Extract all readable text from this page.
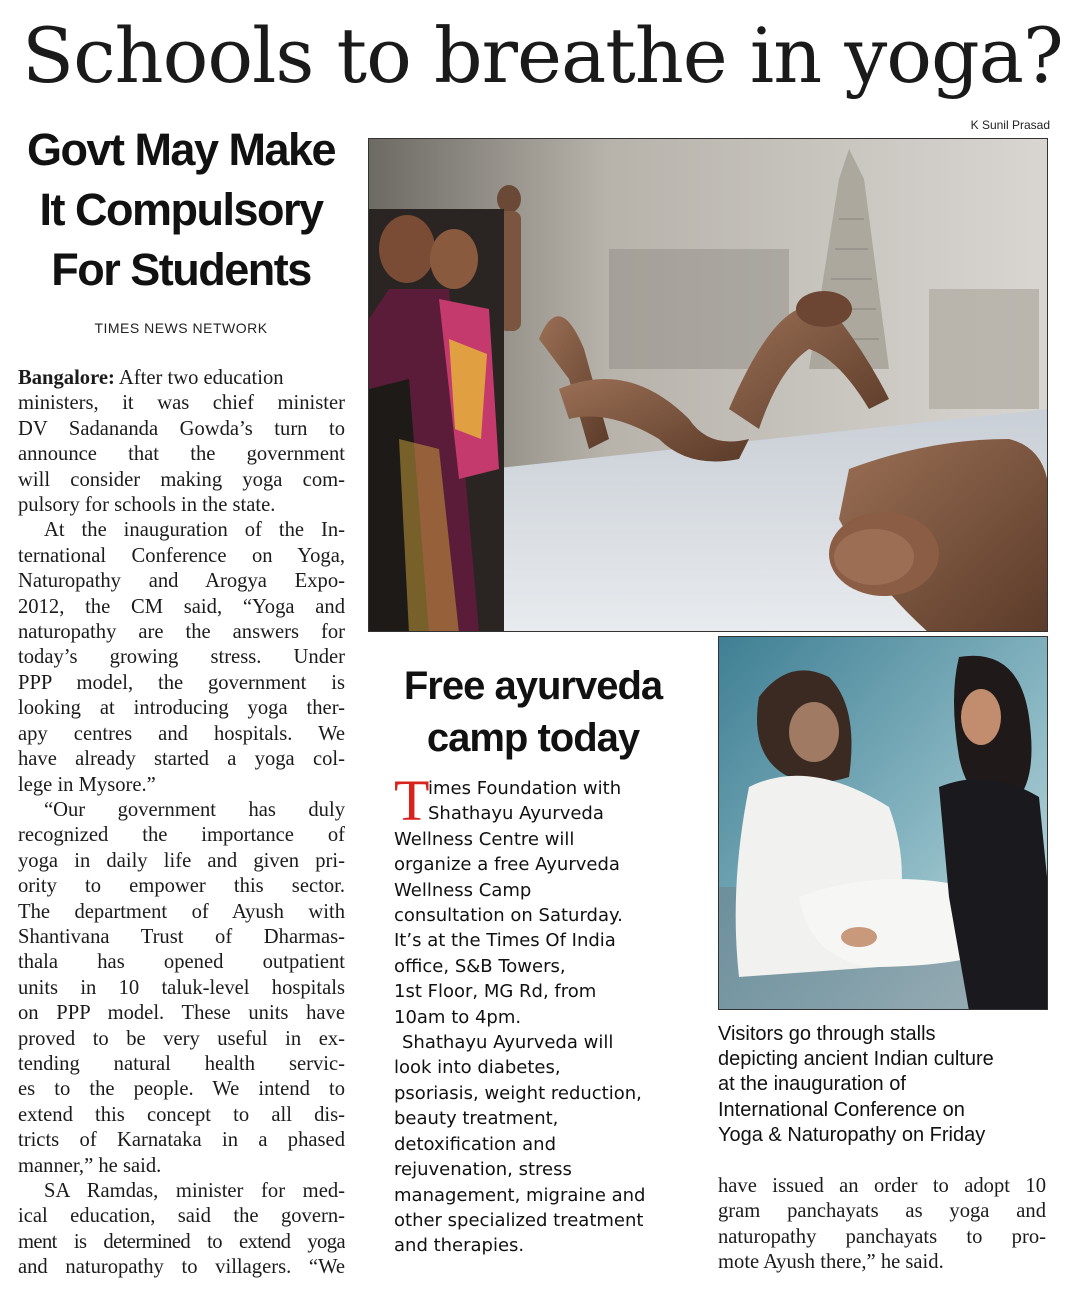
Schools to breathe in yoga?
K Sunil Prasad
Govt May Make
It Compulsory
For Students
TIMES NEWS NETWORK
Bangalore: After two education
ministers, it was chief minister
DV Sadananda Gowda’s turn to
announce that the government
will consider making yoga com-
pulsory for schools in the state.
At the inauguration of the In-
ternational Conference on Yoga,
Naturopathy and Arogya Expo-
2012, the CM said, “Yoga and
naturopathy are the answers for
today’s growing stress. Under
PPP model, the government is
looking at introducing yoga ther-
apy centres and hospitals. We
have already started a yoga col-
lege in Mysore.”
“Our government has duly
recognized the importance of
yoga in daily life and given pri-
ority to empower this sector.
The department of Ayush with
Shantivana Trust of Dharmas-
thala has opened outpatient
units in 10 taluk-level hospitals
on PPP model. These units have
proved to be very useful in ex-
tending natural health servic-
es to the people. We intend to
extend this concept to all dis-
tricts of Karnataka in a phased
manner,” he said.
SA Ramdas, minister for med-
ical education, said the govern-
ment is determined to extend yoga
and naturopathy to villagers. “We
Free ayurveda
camp today
T
imes Foundation with
Shathayu Ayurveda
Wellness Centre will
organize a free Ayurveda
Wellness Camp
consultation on Saturday.
It’s at the Times Of India
office, S&B Towers,
1st Floor, MG Rd, from
10am to 4pm.
Shathayu Ayurveda will
look into diabetes,
psoriasis, weight reduction,
beauty treatment,
detoxification and
rejuvenation, stress
management, migraine and
other specialized treatment
and therapies.
Visitors go through stalls
depicting ancient Indian culture
at the inauguration of
International Conference on
Yoga & Naturopathy on Friday
have issued an order to adopt 10
gram panchayats as yoga and
naturopathy panchayats to pro-
mote Ayush there,” he said.
